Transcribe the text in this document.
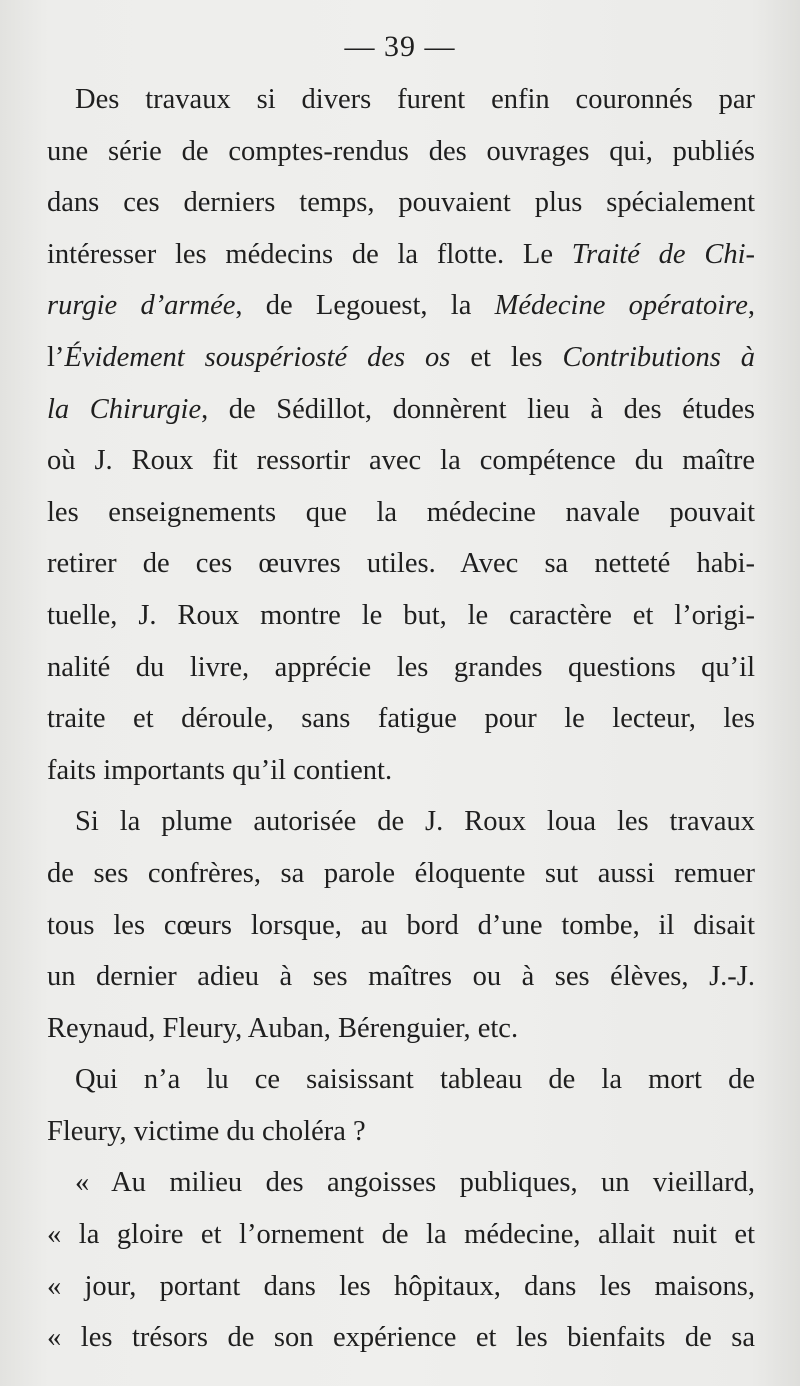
— 39 —
Des travaux si divers furent enfin couronnés par
une série de comptes-rendus des ouvrages qui, publiés
dans ces derniers temps, pouvaient plus spécialement
intéresser les médecins de la flotte. Le Traité de Chi-
rurgie d’armée, de Legouest, la Médecine opératoire,
l’Évidement souspériosté des os et les Contributions à
la Chirurgie, de Sédillot, donnèrent lieu à des études
où J. Roux fit ressortir avec la compétence du maître
les enseignements que la médecine navale pouvait
retirer de ces œuvres utiles. Avec sa netteté habi-
tuelle, J. Roux montre le but, le caractère et l’origi-
nalité du livre, apprécie les grandes questions qu’il
traite et déroule, sans fatigue pour le lecteur, les
faits importants qu’il contient.
Si la plume autorisée de J. Roux loua les travaux
de ses confrères, sa parole éloquente sut aussi remuer
tous les cœurs lorsque, au bord d’une tombe, il disait
un dernier adieu à ses maîtres ou à ses élèves, J.-J.
Reynaud, Fleury, Auban, Bérenguier, etc.
Qui n’a lu ce saisissant tableau de la mort de
Fleury, victime du choléra ?
« Au milieu des angoisses publiques, un vieillard,
« la gloire et l’ornement de la médecine, allait nuit et
« jour, portant dans les hôpitaux, dans les maisons,
« les trésors de son expérience et les bienfaits de sa
